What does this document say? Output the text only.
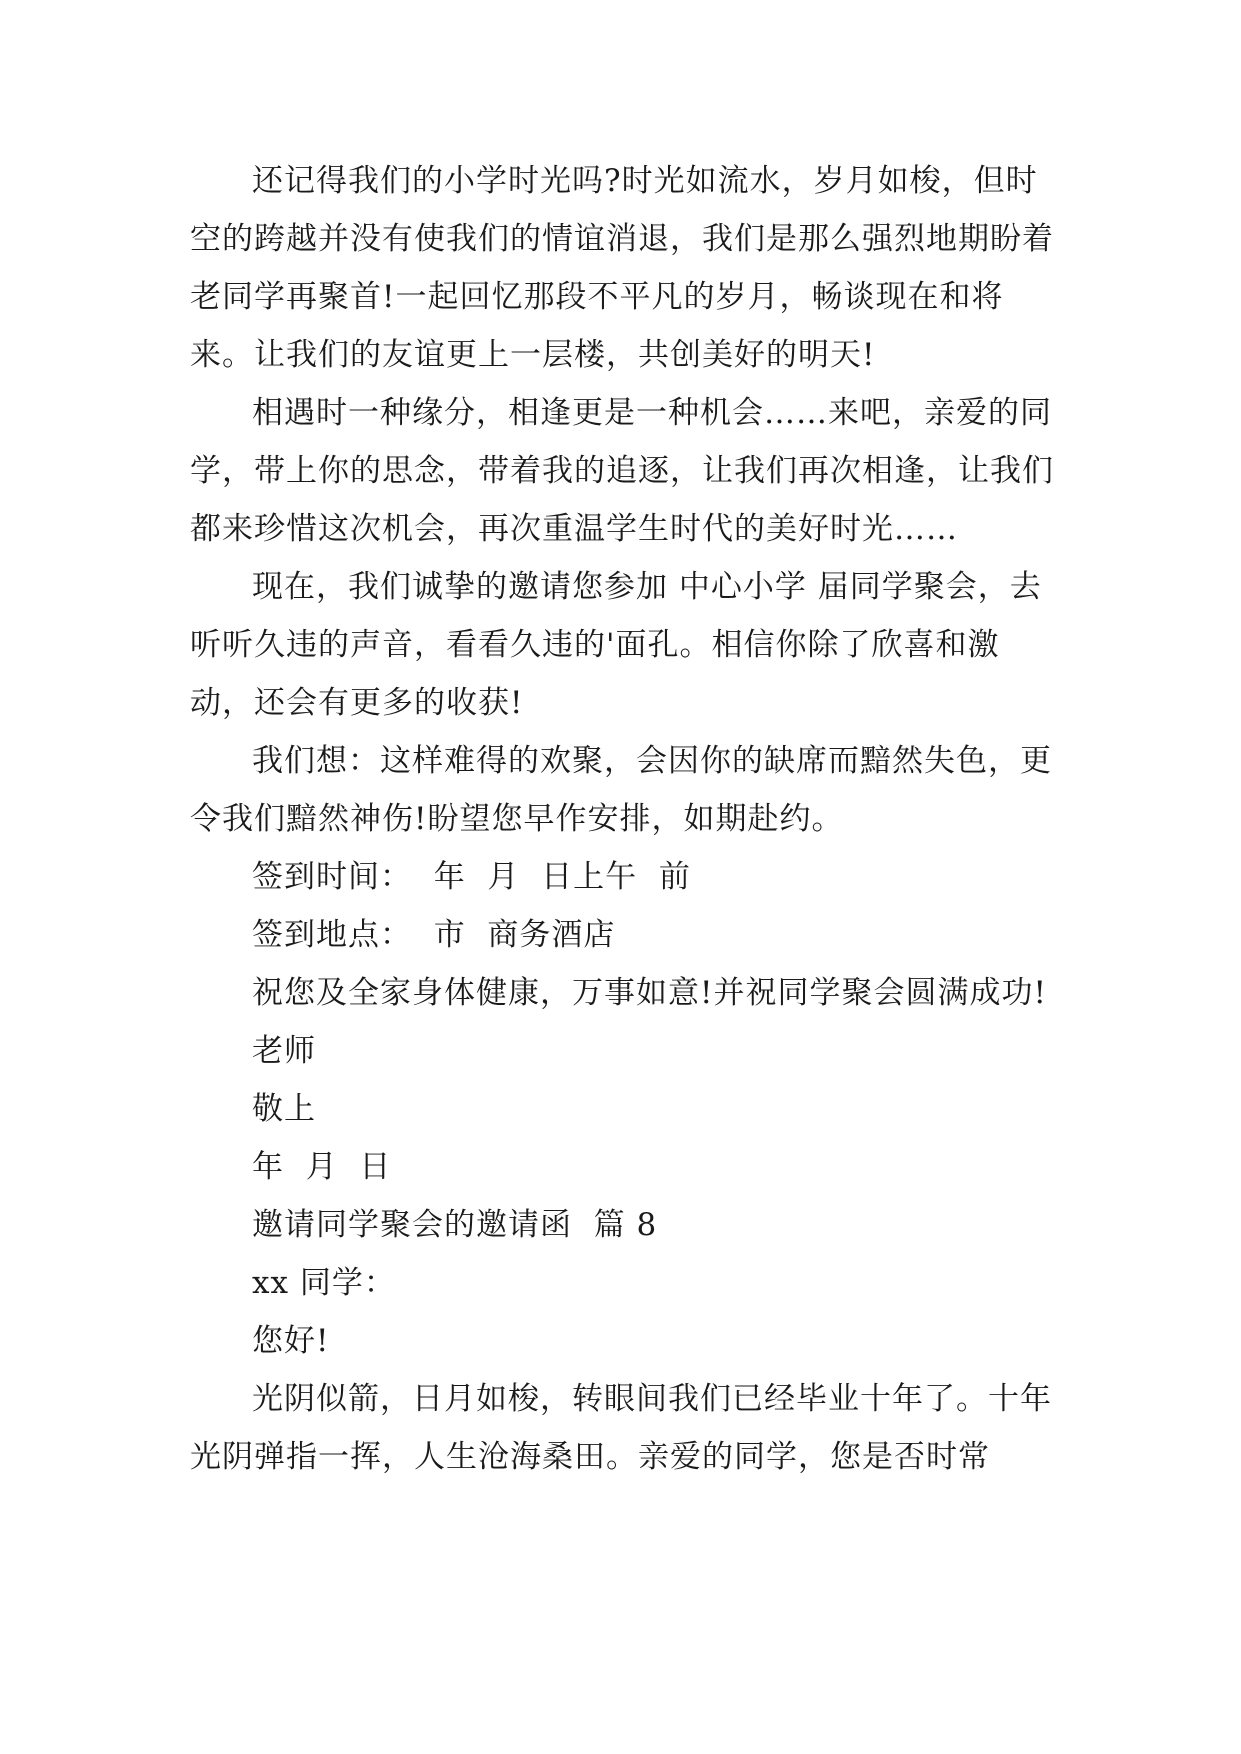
还记得我们的小学时光吗?时光如流水，岁月如梭，但时空的跨越并没有使我们的情谊消退，我们是那么强烈地期盼着老同学再聚首!一起回忆那段不平凡的岁月，畅谈现在和将来。让我们的友谊更上一层楼，共创美好的明天!

相遇时一种缘分，相逢更是一种机会……来吧，亲爱的同学，带上你的思念，带着我的追逐，让我们再次相逢，让我们都来珍惜这次机会，再次重温学生时代的美好时光……

现在，我们诚挚的邀请您参加 中心小学 届同学聚会，去听听久违的声音，看看久违的'面孔。相信你除了欣喜和激动，还会有更多的收获!

我们想：这样难得的欢聚，会因你的缺席而黯然失色，更令我们黯然神伤!盼望您早作安排，如期赴约。

签到时间：  年  月  日上午  前

签到地点：  市  商务酒店

祝您及全家身体健康，万事如意!并祝同学聚会圆满成功!

老师

敬上

年  月  日

邀请同学聚会的邀请函  篇 8

xx 同学：

您好!

光阴似箭，日月如梭，转眼间我们已经毕业十年了。十年光阴弹指一挥，人生沧海桑田。亲爱的同学，您是否时常
